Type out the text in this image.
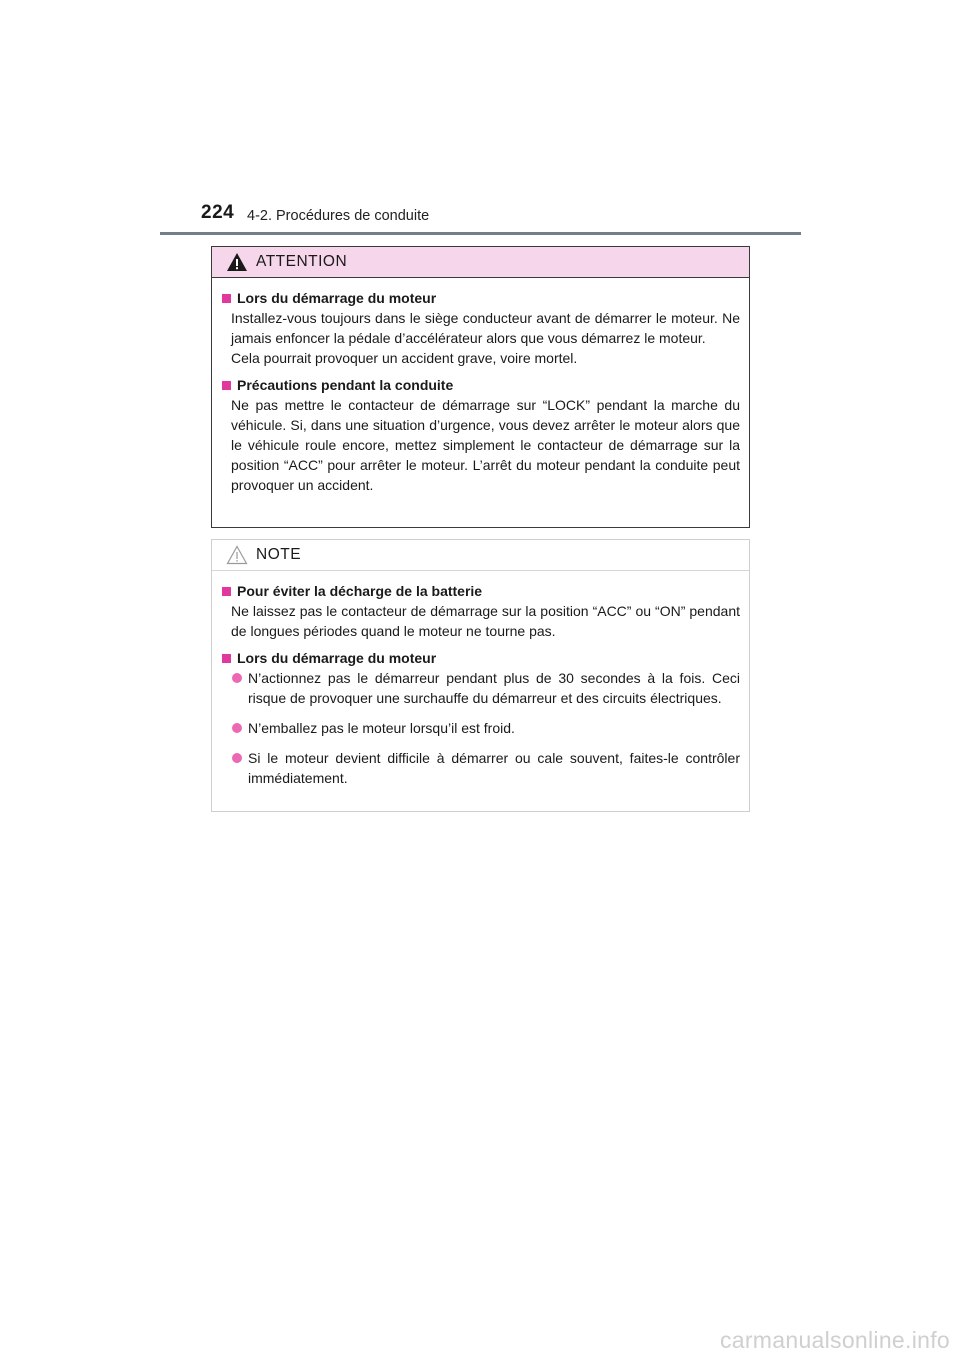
224 4-2. Procédures de conduite
ATTENTION
Lors du démarrage du moteur
Installez-vous toujours dans le siège conducteur avant de démarrer le moteur. Ne jamais enfoncer la pédale d’accélérateur alors que vous démarrez le moteur.
Cela pourrait provoquer un accident grave, voire mortel.
Précautions pendant la conduite
Ne pas mettre le contacteur de démarrage sur “LOCK” pendant la marche du véhicule. Si, dans une situation d’urgence, vous devez arrêter le moteur alors que le véhicule roule encore, mettez simplement le contacteur de démarrage sur la position “ACC” pour arrêter le moteur. L’arrêt du moteur pendant la conduite peut provoquer un accident.
NOTE
Pour éviter la décharge de la batterie
Ne laissez pas le contacteur de démarrage sur la position “ACC” ou “ON” pendant de longues périodes quand le moteur ne tourne pas.
Lors du démarrage du moteur
N’actionnez pas le démarreur pendant plus de 30 secondes à la fois. Ceci risque de provoquer une surchauffe du démarreur et des circuits électriques.
N’emballez pas le moteur lorsqu’il est froid.
Si le moteur devient difficile à démarrer ou cale souvent, faites-le contrôler immédiatement.
carmanualsonline.info
